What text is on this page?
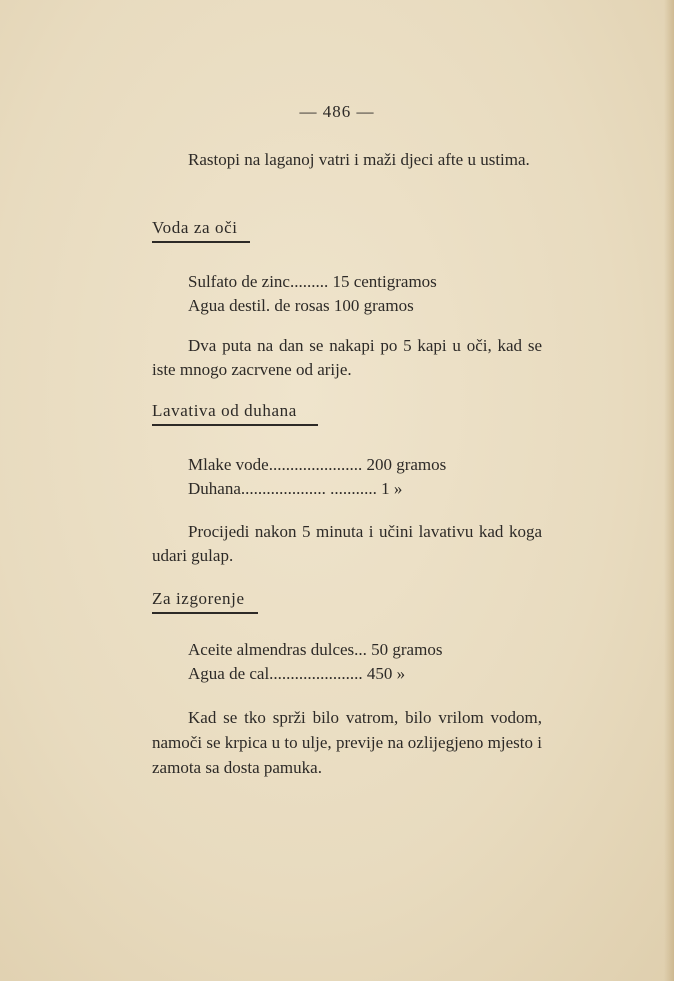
— 486 —
Rastopi na laganoj vatri i maži djeci afte u ustima.
Voda za oči
Sulfato de zinc......... 15 centigramos
Agua destil. de rosas 100 gramos
Dva puta na dan se nakapi po 5 kapi u oči, kad se iste mnogo zacrvene od arije.
Lavativa od duhana
Mlake vode...................... 200 gramos
Duhana.................... ........... 1 »
Procijedi nakon 5 minuta i učini lavativu kad koga udari gulap.
Za izgorenje
Aceite almendras dulces... 50 gramos
Agua de cal...................... 450 »
Kad se tko sprži bilo vatrom, bilo vrilom vodom, namoči se krpica u to ulje, previje na ozlijegjeno mjesto i zamota sa dosta pamuka.
